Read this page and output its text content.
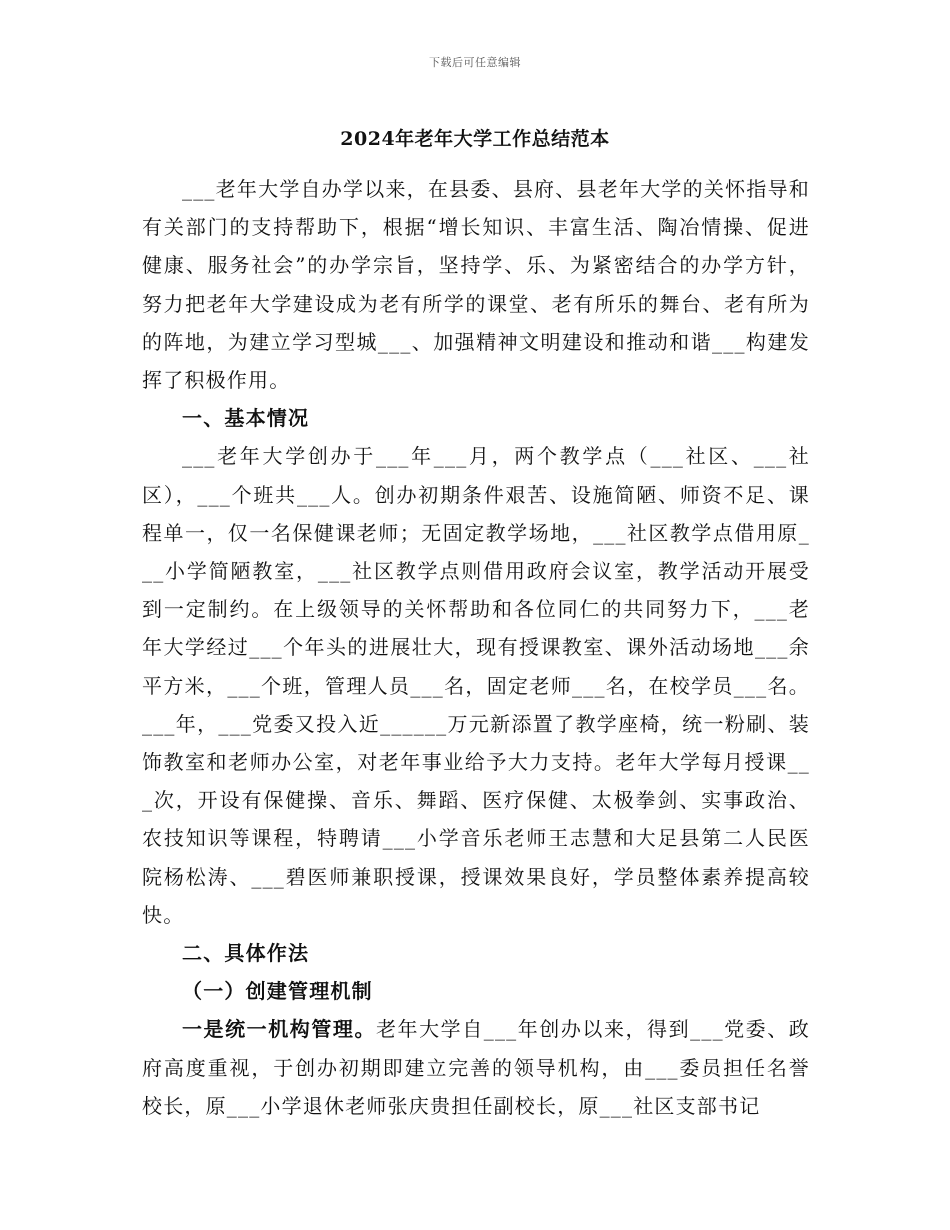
下载后可任意编辑
2024年老年大学工作总结范本

___老年大学自办学以来，在县委、县府、县老年大学的关怀指导和有关部门的支持帮助下，根据“增长知识、丰富生活、陶冶情操、促进健康、服务社会”的办学宗旨，坚持学、乐、为紧密结合的办学方针，努力把老年大学建设成为老有所学的课堂、老有所乐的舞台、老有所为的阵地，为建立学习型城___、加强精神文明建设和推动和谐___构建发挥了积极作用。

一、基本情况

___老年大学创办于___年___月，两个教学点（___社区、___社区），___个班共___人。创办初期条件艰苦、设施简陋、师资不足、课程单一，仅一名保健课老师；无固定教学场地，___社区教学点借用原___小学简陋教室，___社区教学点则借用政府会议室，教学活动开展受到一定制约。在上级领导的关怀帮助和各位同仁的共同努力下，___老年大学经过___个年头的进展壮大，现有授课教室、课外活动场地___余平方米，___个班，管理人员___名，固定老师___名，在校学员___名。___年，___党委又投入近______万元新添置了教学座椅，统一粉刷、装饰教室和老师办公室，对老年事业给予大力支持。老年大学每月授课___次，开设有保健操、音乐、舞蹈、医疗保健、太极拳剑、实事政治、农技知识等课程，特聘请___小学音乐老师王志慧和大足县第二人民医院杨松涛、___碧医师兼职授课，授课效果良好，学员整体素养提高较快。

二、具体作法

（一）创建管理机制

一是统一机构管理。老年大学自___年创办以来，得到___党委、政府高度重视，于创办初期即建立完善的领导机构，由___委员担任名誉校长，原___小学退休老师张庆贵担任副校长，原___社区支部书记
